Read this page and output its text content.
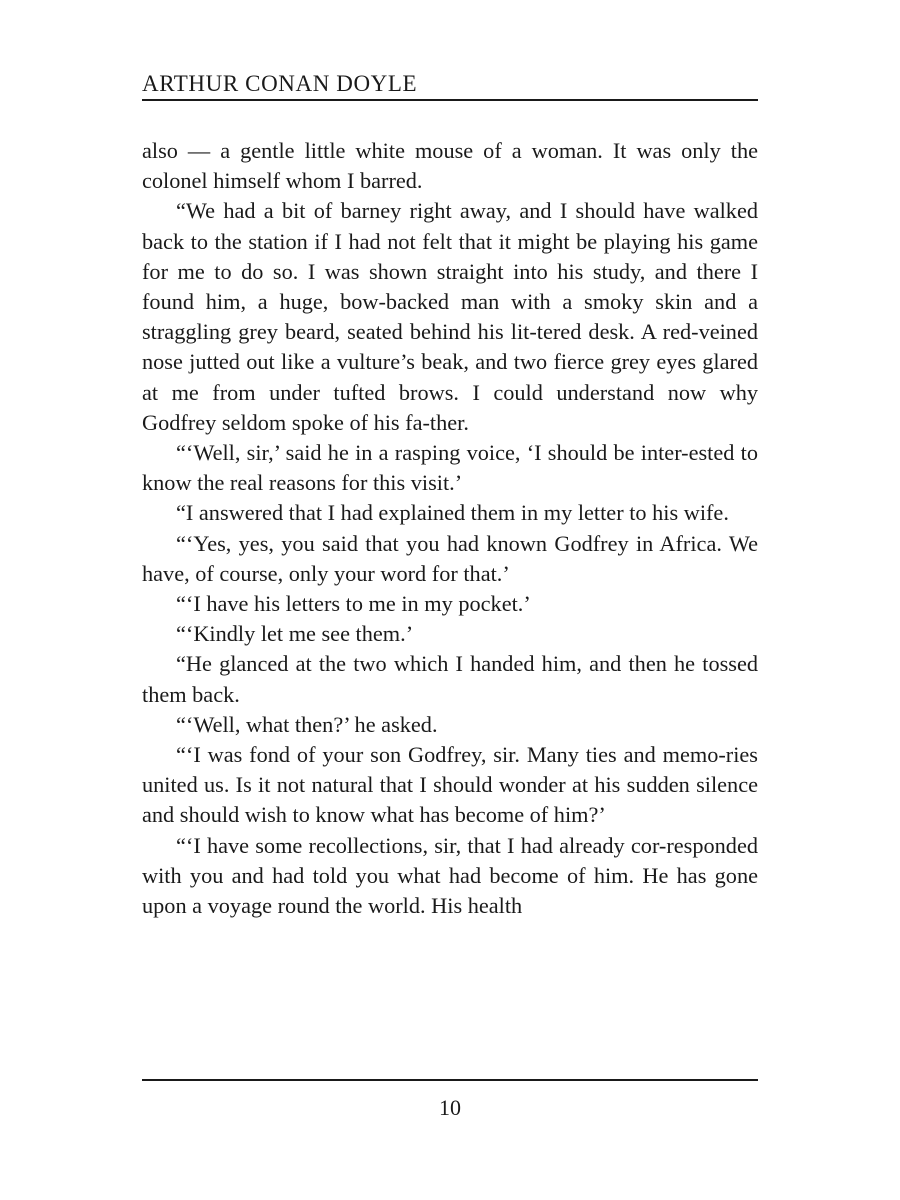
ARTHUR CONAN DOYLE

also — a gentle little white mouse of a woman. It was only the colonel himself whom I barred.

“We had a bit of barney right away, and I should have walked back to the station if I had not felt that it might be playing his game for me to do so. I was shown straight into his study, and there I found him, a huge, bow-backed man with a smoky skin and a straggling grey beard, seated behind his lit-tered desk. A red-veined nose jutted out like a vulture’s beak, and two fierce grey eyes glared at me from under tufted brows. I could understand now why Godfrey seldom spoke of his fa-ther.

“‘Well, sir,’ said he in a rasping voice, ‘I should be inter-ested to know the real reasons for this visit.’

“I answered that I had explained them in my letter to his wife.

“‘Yes, yes, you said that you had known Godfrey in Africa. We have, of course, only your word for that.’

“‘I have his letters to me in my pocket.’

“‘Kindly let me see them.’

“He glanced at the two which I handed him, and then he tossed them back.

“‘Well, what then?’ he asked.

“‘I was fond of your son Godfrey, sir. Many ties and memo-ries united us. Is it not natural that I should wonder at his sudden silence and should wish to know what has become of him?’

“‘I have some recollections, sir, that I had already cor-responded with you and had told you what had become of him. He has gone upon a voyage round the world. His health

10
